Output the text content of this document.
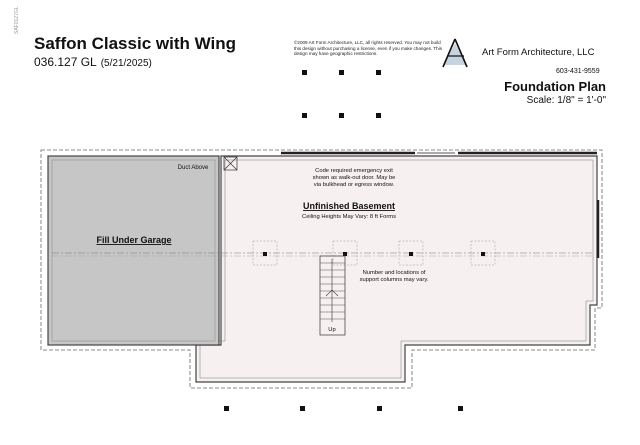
SAF0127GL
Saffon Classic with Wing
036.127 GL (5/21/2025)
©2009 Art Form Architecture, LLC, all rights reserved. You may not build this design without purchasing a license, even if you make changes. This design may have geographic restrictions.	Art Form Architecture, LLC
603-431-9559
Foundation Plan
Scale: 1/8" = 1'-0"
Fill Under Garage
Duct Above	Code required emergency exit
shown as walk-out door. May be
via bulkhead or egress window.
Unfinished Basement
Ceiling Heights May Vary: 8 ft Forms
Number and locations of
support columns may vary.
Up
